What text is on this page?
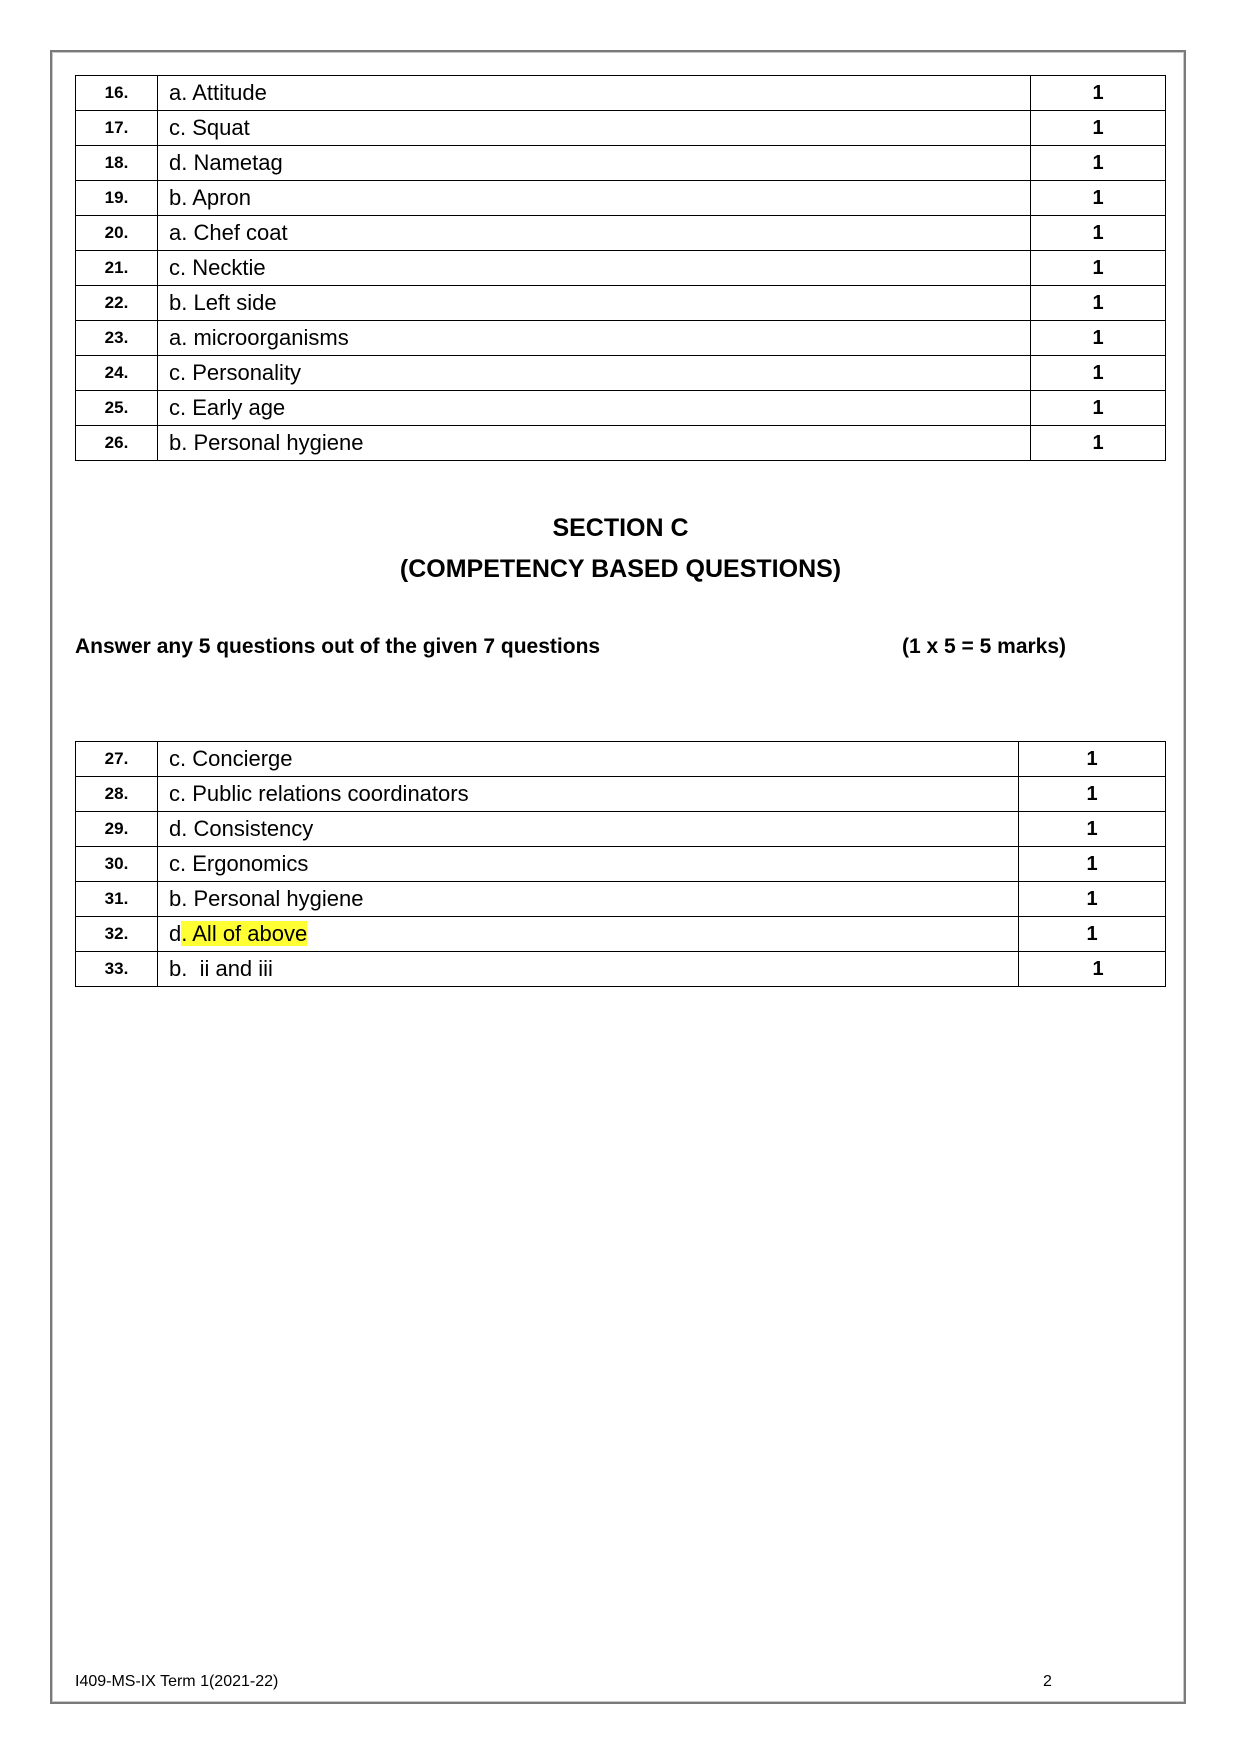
16.	a. Attitude	1
17.	c. Squat	1
18.	d. Nametag	1
19.	b. Apron	1
20.	a. Chef coat	1
21.	c. Necktie	1
22.	b. Left side	1
23.	a. microorganisms	1
24.	c. Personality	1
25.	c. Early age	1
26.	b. Personal hygiene	1
SECTION C
(COMPETENCY BASED QUESTIONS)
Answer any 5 questions out of the given 7 questions	(1 x 5 = 5 marks)
27.	c. Concierge	1
28.	c. Public relations coordinators	1
29.	d. Consistency	1
30.	c. Ergonomics	1
31.	b. Personal hygiene	1
32.	d. All of above	1
33.	b.  ii and iii	1
I409-MS-IX Term 1(2021-22)	2
